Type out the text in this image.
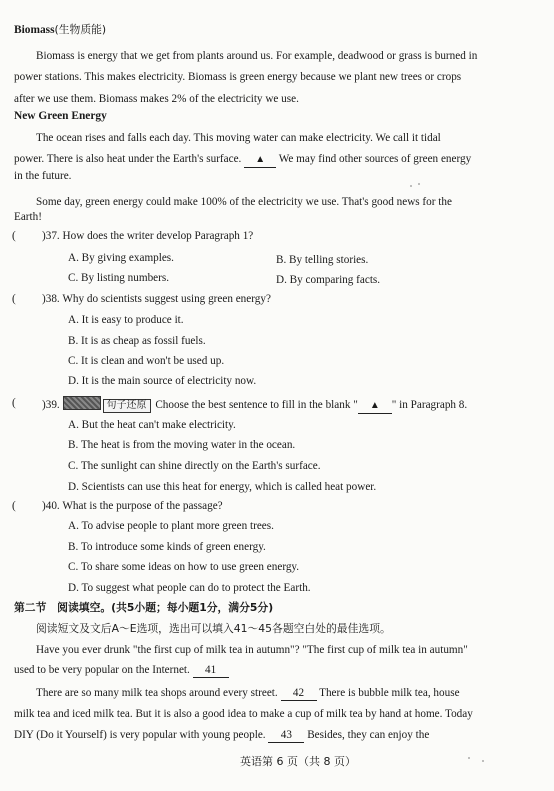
Biomass(生物质能)
Biomass is energy that we get from plants around us. For example, deadwood or grass is burned in
power stations. This makes electricity. Biomass is green energy because we plant new trees or crops
after we use them. Biomass makes 2% of the electricity we use.
New Green Energy
The ocean rises and falls each day. This moving water can make electricity. We call it tidal
power. There is also heat under the Earth's surface. ▲ We may find other sources of green energy
in the future.
Some day, green energy could make 100% of the electricity we use. That's good news for the
Earth!
( )37. How does the writer develop Paragraph 1?
A. By giving examples.	B. By telling stories.
C. By listing numbers.	D. By comparing facts.
( )38. Why do scientists suggest using green energy?
A. It is easy to produce it.
B. It is as cheap as fossil fuels.
C. It is clean and won't be used up.
D. It is the main source of electricity now.
( )39.	句子还原 Choose the best sentence to fill in the blank " ▲ " in Paragraph 8.
A. But the heat can't make electricity.
B. The heat is from the moving water in the ocean.
C. The sunlight can shine directly on the Earth's surface.
D. Scientists can use this heat for energy, which is called heat power.
( )40. What is the purpose of the passage?
A. To advise people to plant more green trees.
B. To introduce some kinds of green energy.
C. To share some ideas on how to use green energy.
D. To suggest what people can do to protect the Earth.
第二节　阅读填空。(共5小题；每小题1分，满分5分)
阅读短文及文后A～E选项，选出可以填入41～45各题空白处的最佳选项。
Have you ever drunk "the first cup of milk tea in autumn"? "The first cup of milk tea in autumn"
used to be very popular on the Internet. 41
There are so many milk tea shops around every street. 42 There is bubble milk tea, house
milk tea and iced milk tea. But it is also a good idea to make a cup of milk tea by hand at home. Today
DIY (Do it Yourself) is very popular with young people. 43 Besides, they can enjoy the
英语第 6 页（共 8 页）
